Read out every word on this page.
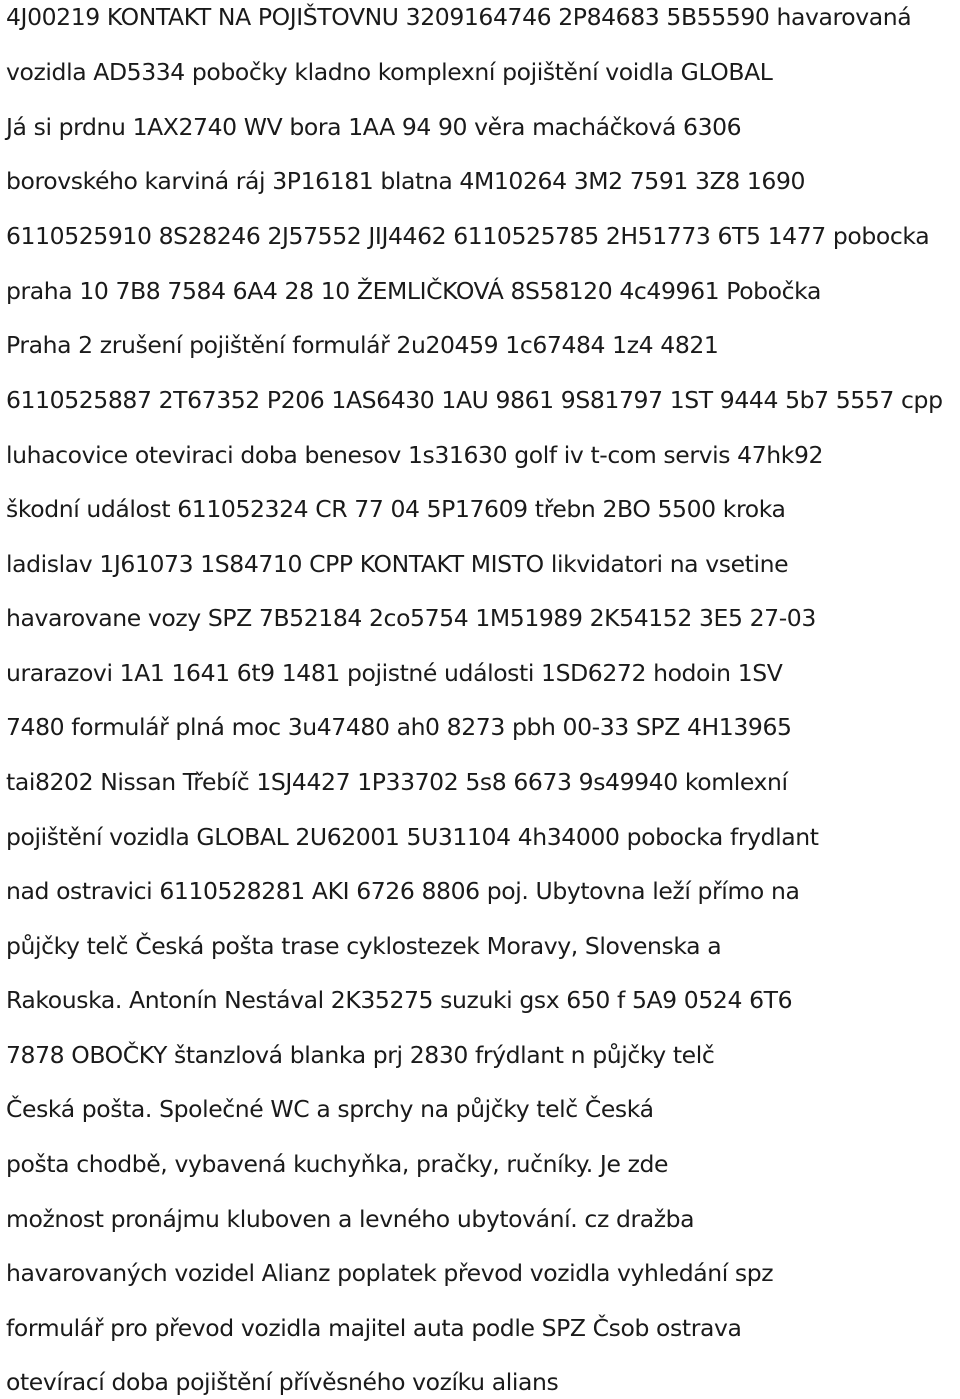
4J00219 KONTAKT NA POJIŠTOVNU 3209164746 2P84683 5B55590 havarovaná
vozidla AD5334 pobočky kladno komplexní pojištění voidla GLOBAL
Já si prdnu 1AX2740 WV bora 1AA 94 90 věra macháčková 6306
borovského karviná ráj 3P16181 blatna 4M10264 3M2 7591 3Z8 1690
6110525910 8S28246 2J57552 JIJ4462 6110525785 2H51773 6T5 1477 pobocka
praha 10 7B8 7584 6A4 28 10 ŽEMLIČKOVÁ 8S58120 4c49961 Pobočka
Praha 2 zrušení pojištění formulář 2u20459 1c67484 1z4 4821
6110525887 2T67352 P206 1AS6430 1AU 9861 9S81797 1ST 9444 5b7 5557 cpp
luhacovice oteviraci doba benesov 1s31630 golf iv t-com servis 47hk92
škodní událost 611052324 CR 77 04 5P17609 třebn 2BO 5500 kroka
ladislav 1J61073 1S84710 CPP KONTAKT MISTO likvidatori na vsetine
havarovane vozy SPZ 7B52184 2co5754 1M51989 2K54152 3E5 27-03
urarazovi 1A1 1641 6t9 1481 pojistné události 1SD6272 hodoin 1SV
7480 formulář plná moc 3u47480 ah0 8273 pbh 00-33 SPZ 4H13965
tai8202 Nissan Třebíč 1SJ4427 1P33702 5s8 6673 9s49940 komlexní
pojištění vozidla GLOBAL 2U62001 5U31104 4h34000 pobocka frydlant
nad ostravici 6110528281 AKI 6726 8806 poj. Ubytovna leží přímo na
půjčky telč Česká pošta trase cyklostezek Moravy, Slovenska a
Rakouska. Antonín Nestával 2K35275 suzuki gsx 650 f 5A9 0524 6T6
7878 OBOČKY štanzlová blanka prj 2830 frýdlant n půjčky telč
Česká pošta. Společné WC a sprchy na půjčky telč Česká
pošta chodbě, vybavená kuchyňka, pračky, ručníky. Je zde
možnost pronájmu kluboven a levného ubytování. cz dražba
havarovaných vozidel Alianz poplatek převod vozidla vyhledání spz
formulář pro převod vozidla majitel auta podle SPZ Čsob ostrava
otevírací doba pojištění přívěsného vozíku alians
